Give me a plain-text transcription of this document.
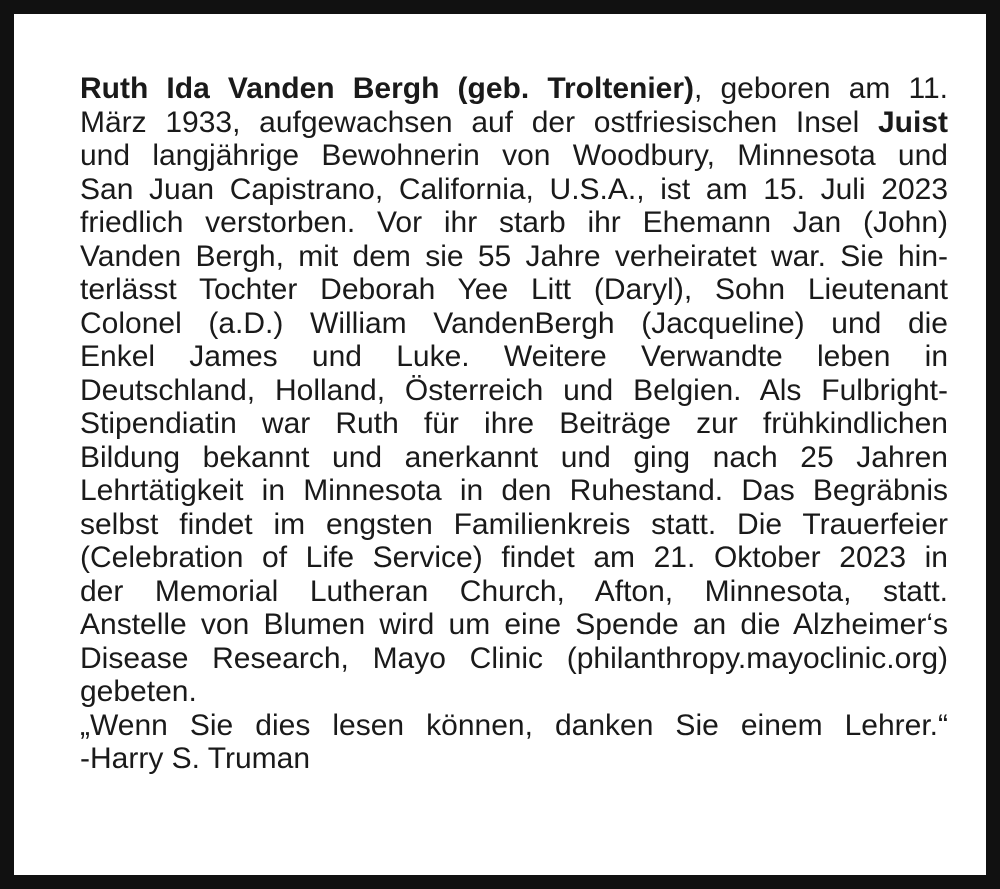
Ruth Ida Vanden Bergh (geb. Troltenier), geboren am 11.
März 1933, aufgewachsen auf der ostfriesischen Insel Juist
und langjährige Bewohnerin von Woodbury, Minnesota und
San Juan Capistrano, California, U.S.A., ist am 15. Juli 2023
friedlich verstorben. Vor ihr starb ihr Ehemann Jan (John)
Vanden Bergh, mit dem sie 55 Jahre verheiratet war. Sie hin-
terlässt Tochter Deborah Yee Litt (Daryl), Sohn Lieutenant
Colonel (a.D.) William VandenBergh (Jacqueline) und die
Enkel James und Luke. Weitere Verwandte leben in
Deutschland, Holland, Österreich und Belgien. Als Fulbright-
Stipendiatin war Ruth für ihre Beiträge zur frühkindlichen
Bildung bekannt und anerkannt und ging nach 25 Jahren
Lehrtätigkeit in Minnesota in den Ruhestand. Das Begräbnis
selbst findet im engsten Familienkreis statt. Die Trauerfeier
(Celebration of Life Service) findet am 21. Oktober 2023 in
der Memorial Lutheran Church, Afton, Minnesota, statt.
Anstelle von Blumen wird um eine Spende an die Alzheimer‘s
Disease Research, Mayo Clinic (philanthropy.mayoclinic.org)
gebeten.
„Wenn Sie dies lesen können, danken Sie einem Lehrer.“
-Harry S. Truman
